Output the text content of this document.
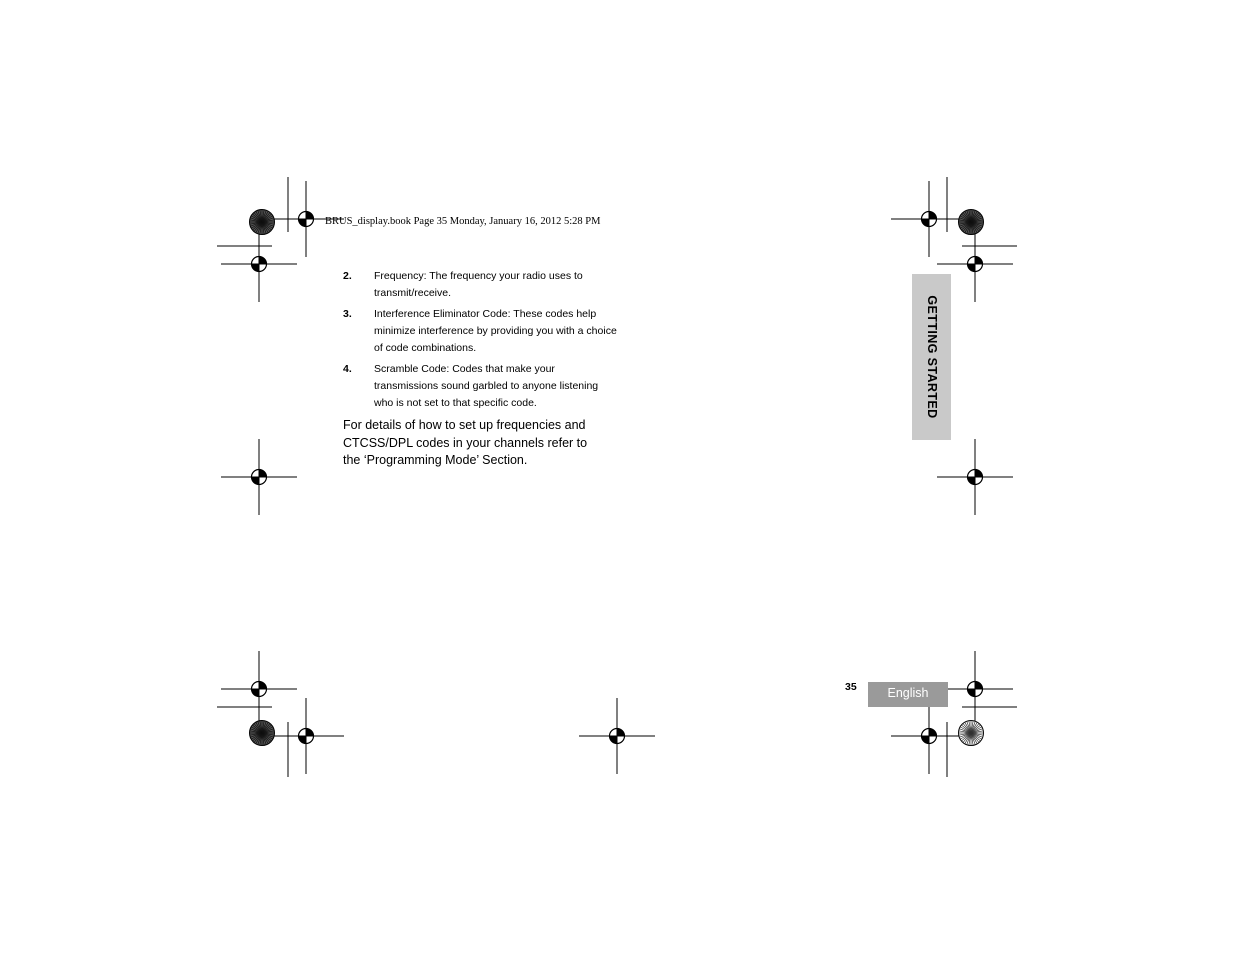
BRUS_display.book Page 35 Monday, January 16, 2012 5:28 PM
2. Frequency: The frequency your radio uses to transmit/receive.
3. Interference Eliminator Code: These codes help minimize interference by providing you with a choice of code combinations.
4. Scramble Code: Codes that make your transmissions sound garbled to anyone listening who is not set to that specific code.
For details of how to set up frequencies and CTCSS/DPL codes in your channels refer to the ‘Programming Mode’ Section.
GETTING STARTED
35	English
